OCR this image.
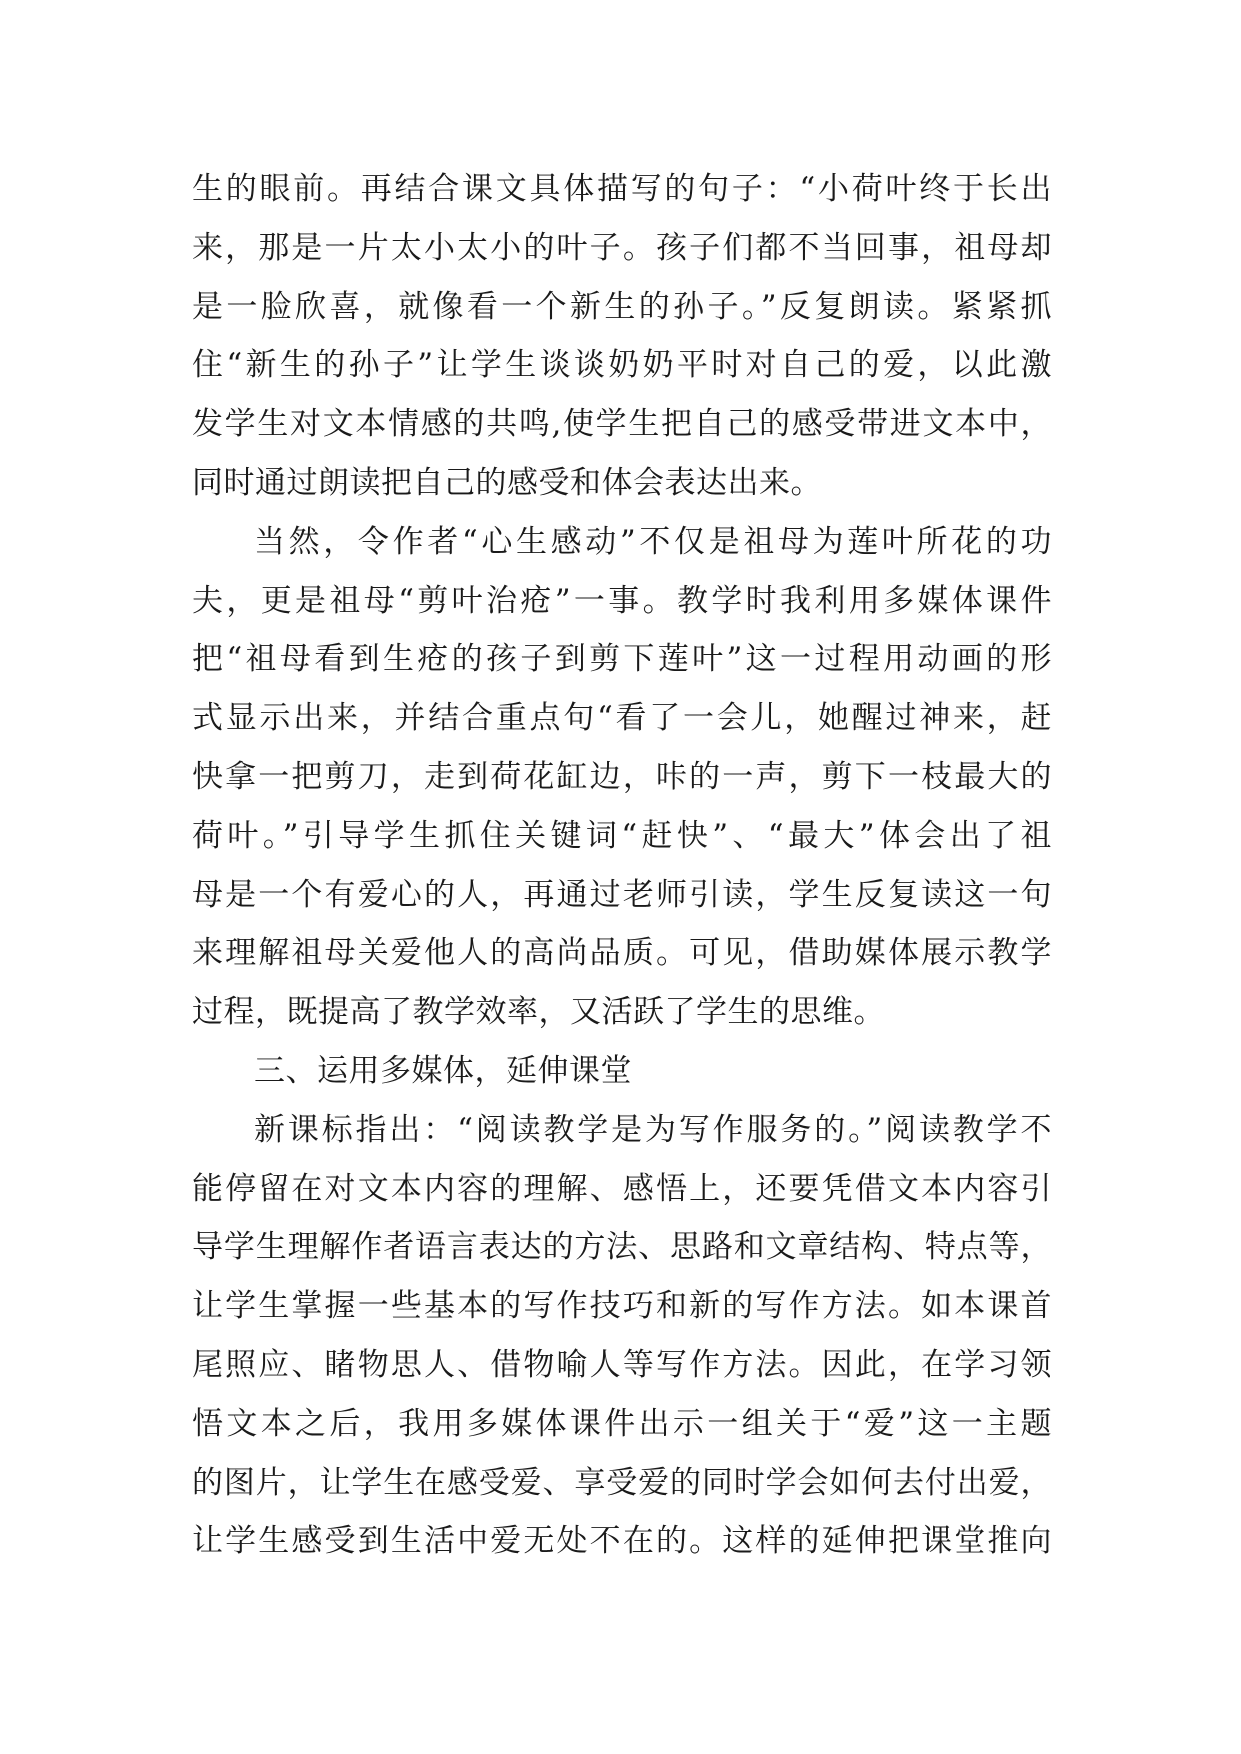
生的眼前。再结合课文具体描写的句子：“小荷叶终于长出
来，那是一片太小太小的叶子。孩子们都不当回事，祖母却
是一脸欣喜，就像看一个新生的孙子。”反复朗读。紧紧抓
住“新生的孙子”让学生谈谈奶奶平时对自己的爱，以此激
发学生对文本情感的共鸣,使学生把自己的感受带进文本中，
同时通过朗读把自己的感受和体会表达出来。
当然，令作者“心生感动”不仅是祖母为莲叶所花的功
夫，更是祖母“剪叶治疮”一事。教学时我利用多媒体课件
把“祖母看到生疮的孩子到剪下莲叶”这一过程用动画的形
式显示出来，并结合重点句“看了一会儿，她醒过神来，赶
快拿一把剪刀，走到荷花缸边，咔的一声，剪下一枝最大的
荷叶。”引导学生抓住关键词“赶快”、“最大”体会出了祖
母是一个有爱心的人，再通过老师引读，学生反复读这一句
来理解祖母关爱他人的高尚品质。可见，借助媒体展示教学
过程，既提高了教学效率，又活跃了学生的思维。
三、运用多媒体，延伸课堂
新课标指出：“阅读教学是为写作服务的。”阅读教学不
能停留在对文本内容的理解、感悟上，还要凭借文本内容引
导学生理解作者语言表达的方法、思路和文章结构、特点等，
让学生掌握一些基本的写作技巧和新的写作方法。如本课首
尾照应、睹物思人、借物喻人等写作方法。因此，在学习领
悟文本之后，我用多媒体课件出示一组关于“爱”这一主题
的图片，让学生在感受爱、享受爱的同时学会如何去付出爱，
让学生感受到生活中爱无处不在的。这样的延伸把课堂推向
